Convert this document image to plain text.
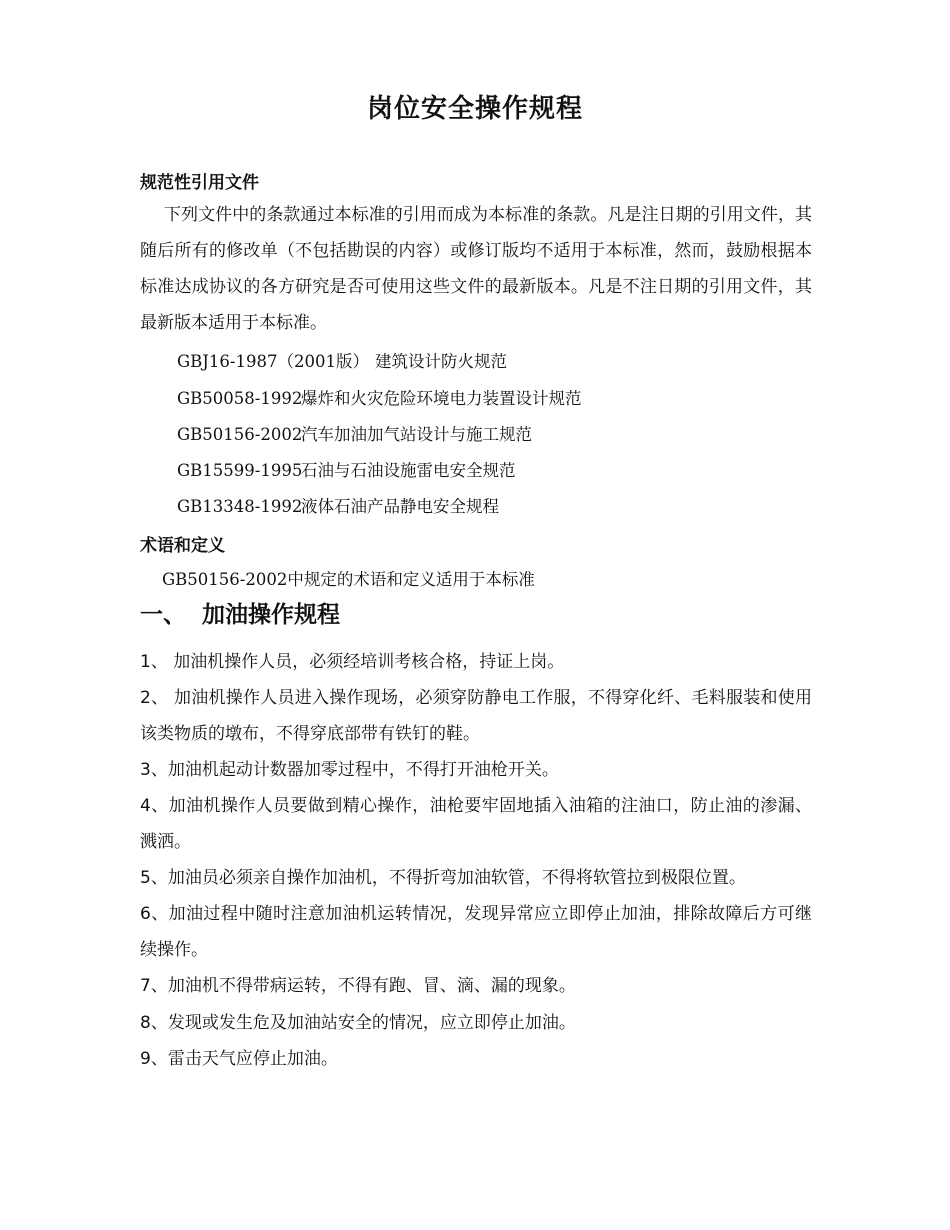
岗位安全操作规程
规范性引用文件
下列文件中的条款通过本标准的引用而成为本标准的条款。凡是注日期的引用文件，其随后所有的修改单（不包括勘误的内容）或修订版均不适用于本标准，然而，鼓励根据本标准达成协议的各方研究是否可使用这些文件的最新版本。凡是不注日期的引用文件，其最新版本适用于本标准。
GBJ16-1987（2001版） 建筑设计防火规范
GB50058-1992爆炸和火灾危险环境电力装置设计规范
GB50156-2002汽车加油加气站设计与施工规范
GB15599-1995石油与石油设施雷电安全规范
GB13348-1992液体石油产品静电安全规程
术语和定义
GB50156-2002中规定的术语和定义适用于本标准
一、 加油操作规程
1、 加油机操作人员，必须经培训考核合格，持证上岗。
2、 加油机操作人员进入操作现场，必须穿防静电工作服，不得穿化纤、毛料服装和使用该类物质的墩布，不得穿底部带有铁钉的鞋。
3、加油机起动计数器加零过程中，不得打开油枪开关。
4、加油机操作人员要做到精心操作，油枪要牢固地插入油箱的注油口，防止油的渗漏、溅洒。
5、加油员必须亲自操作加油机，不得折弯加油软管，不得将软管拉到极限位置。
6、加油过程中随时注意加油机运转情况，发现异常应立即停止加油，排除故障后方可继续操作。
7、加油机不得带病运转，不得有跑、冒、滴、漏的现象。
8、发现或发生危及加油站安全的情况，应立即停止加油。
9、雷击天气应停止加油。
